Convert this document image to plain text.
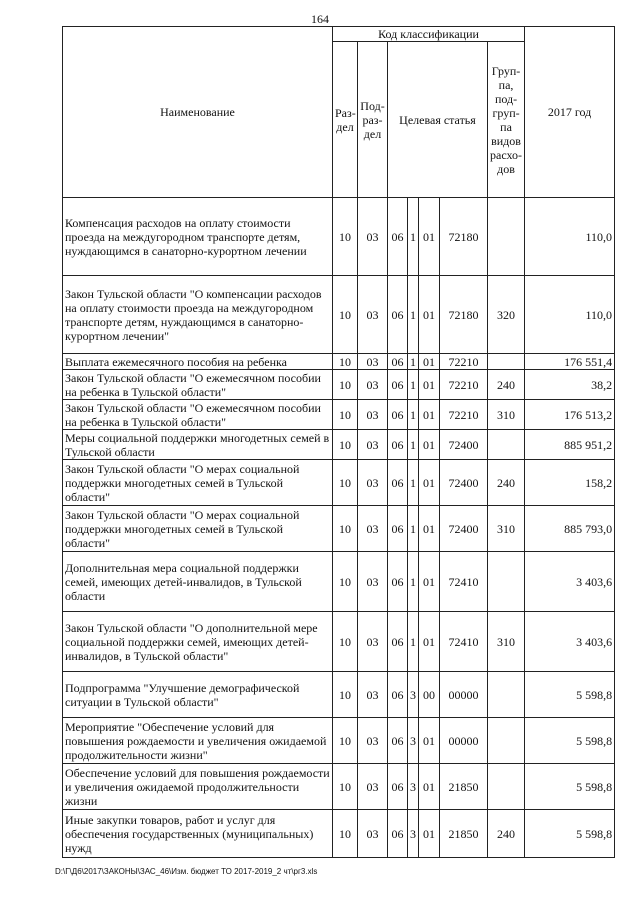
164
Наименование	Код классификации							2017 год
	Раз-дел	Под-раз-дел	Целевая статья				Груп-па, под-груп-па видов расхо-дов	
Компенсация расходов на оплату стоимости проезда на междугородном транспорте детям, нуждающимся в санаторно-курортном лечении	10	03	06	1	01	72180		110,0
Закон Тульской области "О компенсации расходов на оплату стоимости проезда на междугородном транспорте детям, нуждающимся в санаторно-курортном лечении"	10	03	06	1	01	72180	320	110,0
Выплата ежемесячного пособия на ребенка	10	03	06	1	01	72210		176 551,4
Закон Тульской области "О ежемесячном пособии на ребенка в Тульской области"	10	03	06	1	01	72210	240	38,2
Закон Тульской области "О ежемесячном пособии на ребенка в Тульской области"	10	03	06	1	01	72210	310	176 513,2
Меры социальной поддержки многодетных семей в Тульской области	10	03	06	1	01	72400		885 951,2
Закон Тульской области "О мерах социальной поддержки многодетных семей в Тульской области"	10	03	06	1	01	72400	240	158,2
Закон Тульской области "О мерах социальной поддержки многодетных семей в Тульской области"	10	03	06	1	01	72400	310	885 793,0
Дополнительная мера социальной поддержки семей, имеющих детей-инвалидов, в Тульской области	10	03	06	1	01	72410		3 403,6
Закон Тульской области "О дополнительной мере социальной поддержки семей, имеющих детей-инвалидов, в Тульской области"	10	03	06	1	01	72410	310	3 403,6
Подпрограмма "Улучшение демографической ситуации в Тульской области"	10	03	06	3	00	00000		5 598,8
Мероприятие "Обеспечение условий для повышения рождаемости и увеличения ожидаемой продолжительности жизни"	10	03	06	3	01	00000		5 598,8
Обеспечение условий для повышения рождаемости и увеличения ожидаемой продолжительности жизни	10	03	06	3	01	21850		5 598,8
Иные закупки товаров, работ и услуг для обеспечения государственных (муниципальных) нужд	10	03	06	3	01	21850	240	5 598,8
D:\Г\Д6\2017\ЗАКОНЫ\ЗАС_46\Изм. бюджет ТО 2017-2019_2 чт\рг3.xls
